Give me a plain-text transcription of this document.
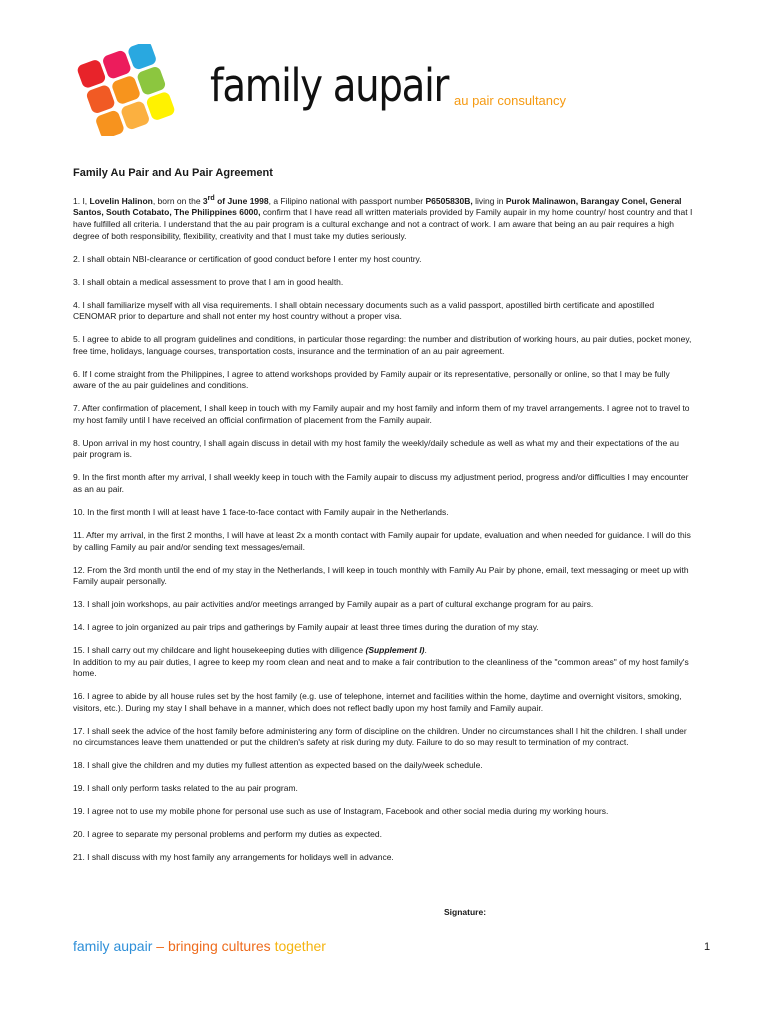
family aupair au pair consultancy
Family Au Pair and Au Pair Agreement

1. I, Lovelin Halinon, born on the 3rd of June 1998, a Filipino national with passport number P6505830B, living in Purok Malinawon, Barangay Conel, General Santos, South Cotabato, The Philippines 6000, confirm that I have read all written materials provided by Family aupair in my home country/ host country and that I have fulfilled all criteria. I understand that the au pair program is a cultural exchange and not a contract of work. I am aware that being an au pair requires a high degree of both responsibility, flexibility, creativity and that I must take my duties seriously.

2. I shall obtain NBI-clearance or certification of good conduct before I enter my host country.

3. I shall obtain a medical assessment to prove that I am in good health.

4. I shall familiarize myself with all visa requirements. I shall obtain necessary documents such as a valid passport, apostilled birth certificate and apostilled CENOMAR prior to departure and shall not enter my host country without a proper visa.

5. I agree to abide to all program guidelines and conditions, in particular those regarding: the number and distribution of working hours, au pair duties, pocket money, free time, holidays, language courses, transportation costs, insurance and the termination of an au pair agreement.

6. If I come straight from the Philippines, I agree to attend workshops provided by Family aupair or its representative, personally or online, so that I may be fully aware of the au pair guidelines and conditions.

7. After confirmation of placement, I shall keep in touch with my Family aupair and my host family and inform them of my travel arrangements. I agree not to travel to my host family until I have received an official confirmation of placement from the Family aupair.

8. Upon arrival in my host country, I shall again discuss in detail with my host family the weekly/daily schedule as well as what my and their expectations of the au pair program is.

9. In the first month after my arrival, I shall weekly keep in touch with the Family aupair to discuss my adjustment period, progress and/or difficulties I may encounter as an au pair.

10. In the first month I will at least have 1 face-to-face contact with Family aupair in the Netherlands.

11. After my arrival, in the first 2 months, I will have at least 2x a month contact with Family aupair for update, evaluation and when needed for guidance. I will do this by calling Family au pair and/or sending text messages/email.

12. From the 3rd month until the end of my stay in the Netherlands, I will keep in touch monthly with Family Au Pair by phone, email, text messaging or meet up with Family aupair personally.

13. I shall join workshops, au pair activities and/or meetings arranged by Family aupair as a part of cultural exchange program for au pairs.

14. I agree to join organized au pair trips and gatherings by Family aupair at least three times during the duration of my stay.

15. I shall carry out my childcare and light housekeeping duties with diligence (Supplement I).
In addition to my au pair duties, I agree to keep my room clean and neat and to make a fair contribution to the cleanliness of the "common areas" of my host family's home.

16. I agree to abide by all house rules set by the host family (e.g. use of telephone, internet and facilities within the home, daytime and overnight visitors, smoking, visitors, etc.). During my stay I shall behave in a manner, which does not reflect badly upon my host family and Family aupair.

17. I shall seek the advice of the host family before administering any form of discipline on the children. Under no circumstances shall I hit the children. I shall under no circumstances leave them unattended or put the children's safety at risk during my duty. Failure to do so may result to termination of my contract.

18. I shall give the children and my duties my fullest attention as expected based on the daily/week schedule.

19. I shall only perform tasks related to the au pair program.

19. I agree not to use my mobile phone for personal use such as use of Instagram, Facebook and other social media during my working hours.

20. I agree to separate my personal problems and perform my duties as expected.

21. I shall discuss with my host family any arrangements for holidays well in advance.

Signature:
family aupair – bringing cultures together	1
